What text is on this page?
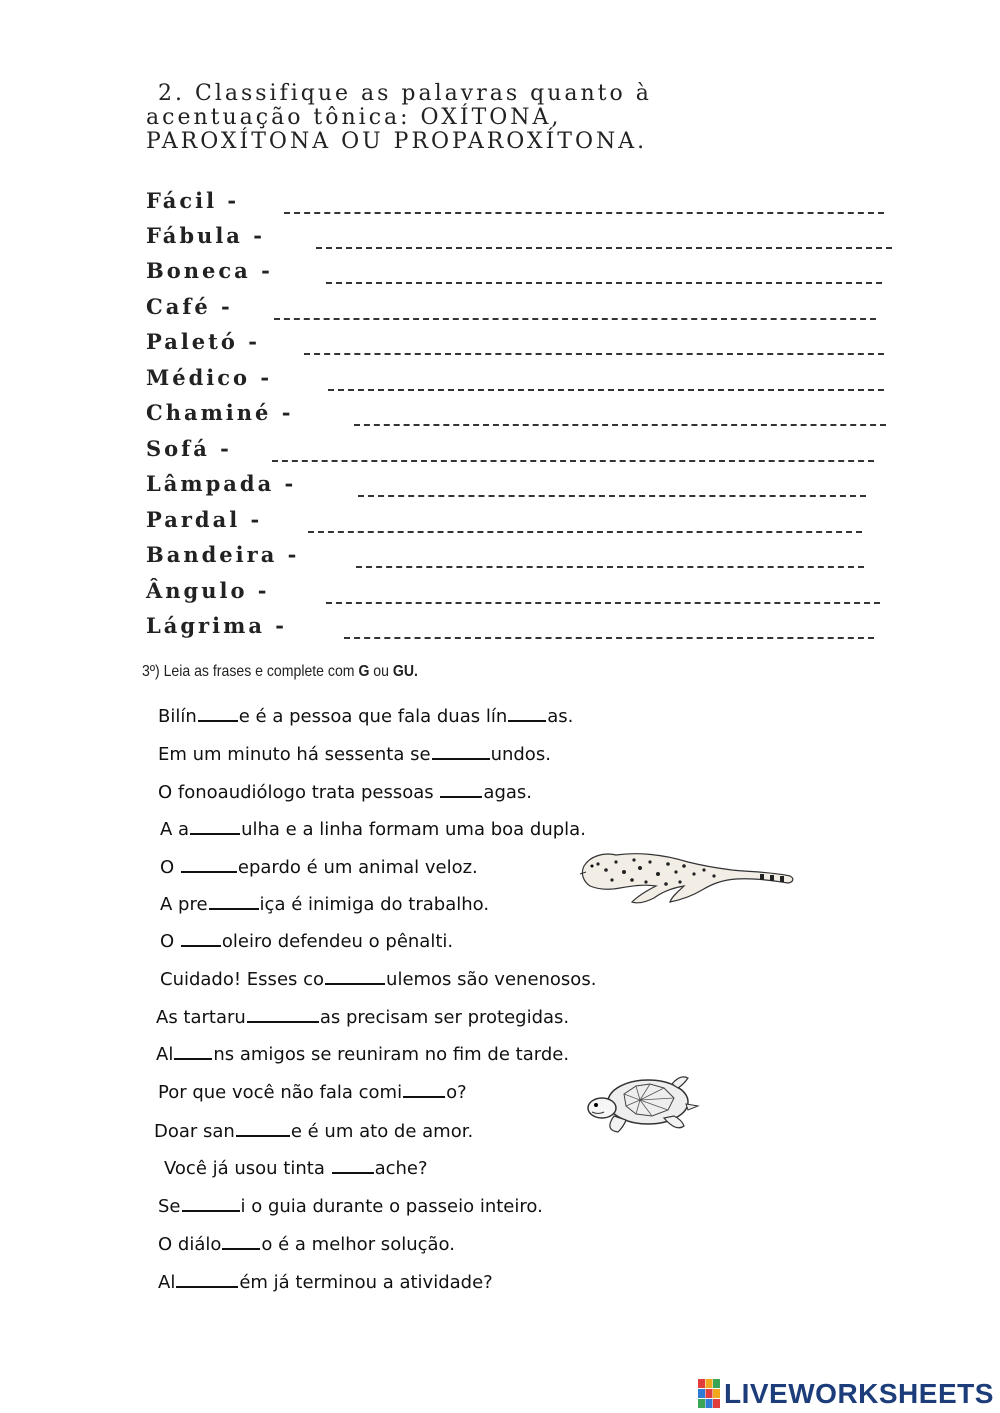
2. Classifique as palavras quanto à
acentuação tônica: OXÍTONA,
PAROXÍTONA OU PROPAROXÍTONA.
Fácil -
Fábula -
Boneca -
Café -
Paletó -
Médico -
Chaminé -
Sofá -
Lâmpada -
Pardal -
Bandeira -
Ângulo -
Lágrima -
3º) Leia as frases e complete com G ou GU.
Bilín e é a pessoa que fala duas lín as.
Em um minuto há sessenta se	undos.
O fonoaudiólogo trata pessoas agas.
A a	ulha e a linha formam uma boa dupla.
O	epardo é um animal veloz.
A pre	iça é inimiga do trabalho.
O oleiro defendeu o pênalti.
Cuidado! Esses co	ulemos são venenosos.
As tartaru	as precisam ser protegidas.
Al ns amigos se reuniram no fim de tarde.
Por que você não fala comi o?
Doar san	e é um ato de amor.
Você já usou tinta ache?
Se	i o guia durante o passeio inteiro.
O diálo o é a melhor solução.
Al	ém já terminou a atividade?
LIVEWORKSHEETS
